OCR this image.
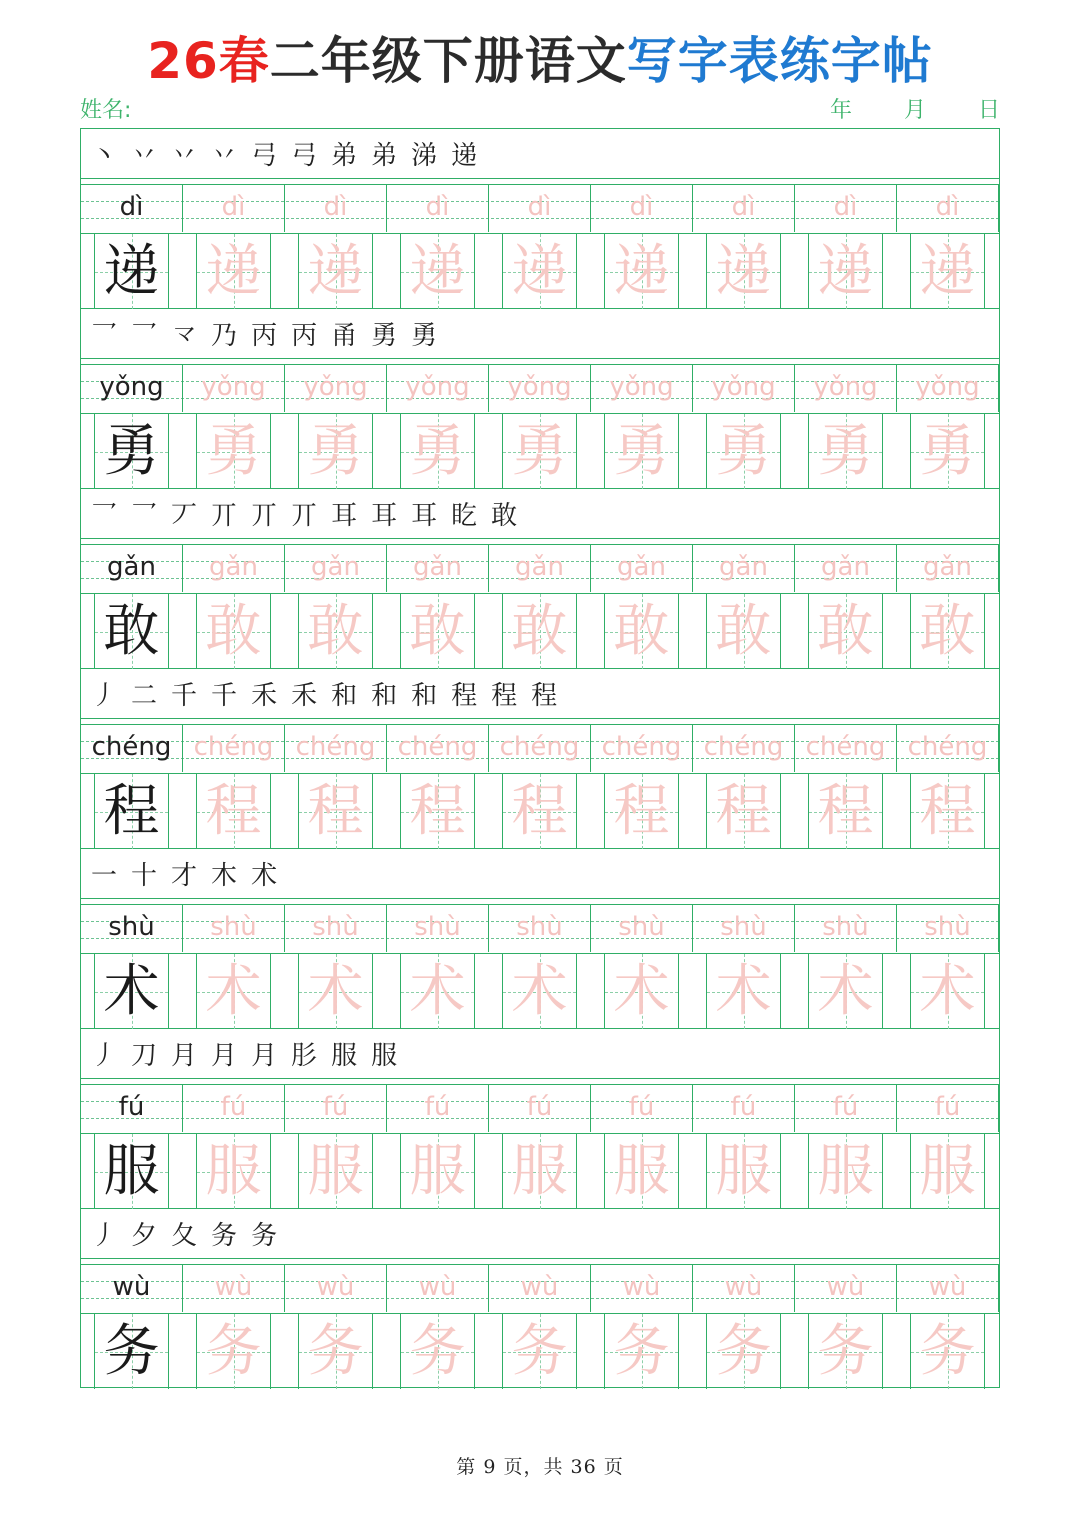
26春二年级下册语文写字表练字帖
姓名:	年 月 日
丶 丷 丷 丷 弓 弓 弟 弟 涕 递
dì	dì	dì	dì	dì	dì	dì	dì	dì
递 递 递 递 递 递 递 递 递
乛 乛 龴 乃 丙 丙 甬 勇 勇
yǒng	yǒng	yǒng	yǒng	yǒng	yǒng	yǒng	yǒng	yǒng
勇 勇 勇 勇 勇 勇 勇 勇 勇
乛 乛 丆 丌 丌 丌 耳 耳 耳 盵 敢
gǎn	gǎn	gǎn	gǎn	gǎn	gǎn	gǎn	gǎn	gǎn
敢 敢 敢 敢 敢 敢 敢 敢 敢
丿 二 千 千 禾 禾 和 和 和 程 程 程
chéng chéng chéng chéng chéng chéng chéng chéng chéng
程 程 程 程 程 程 程 程 程
一 十 才 木 术
shù	shù	shù	shù	shù	shù	shù	shù	shù
术 术 术 术 术 术 术 术 术
丿 刀 月 月 月 肜 服 服
fú	fú	fú	fú	fú	fú	fú	fú	fú
服 服 服 服 服 服 服 服 服
丿 夕 夂 务 务
wù	wù	wù	wù	wù	wù	wù	wù	wù
务 务 务 务 务 务 务 务 务
第 9 页，共 36 页
